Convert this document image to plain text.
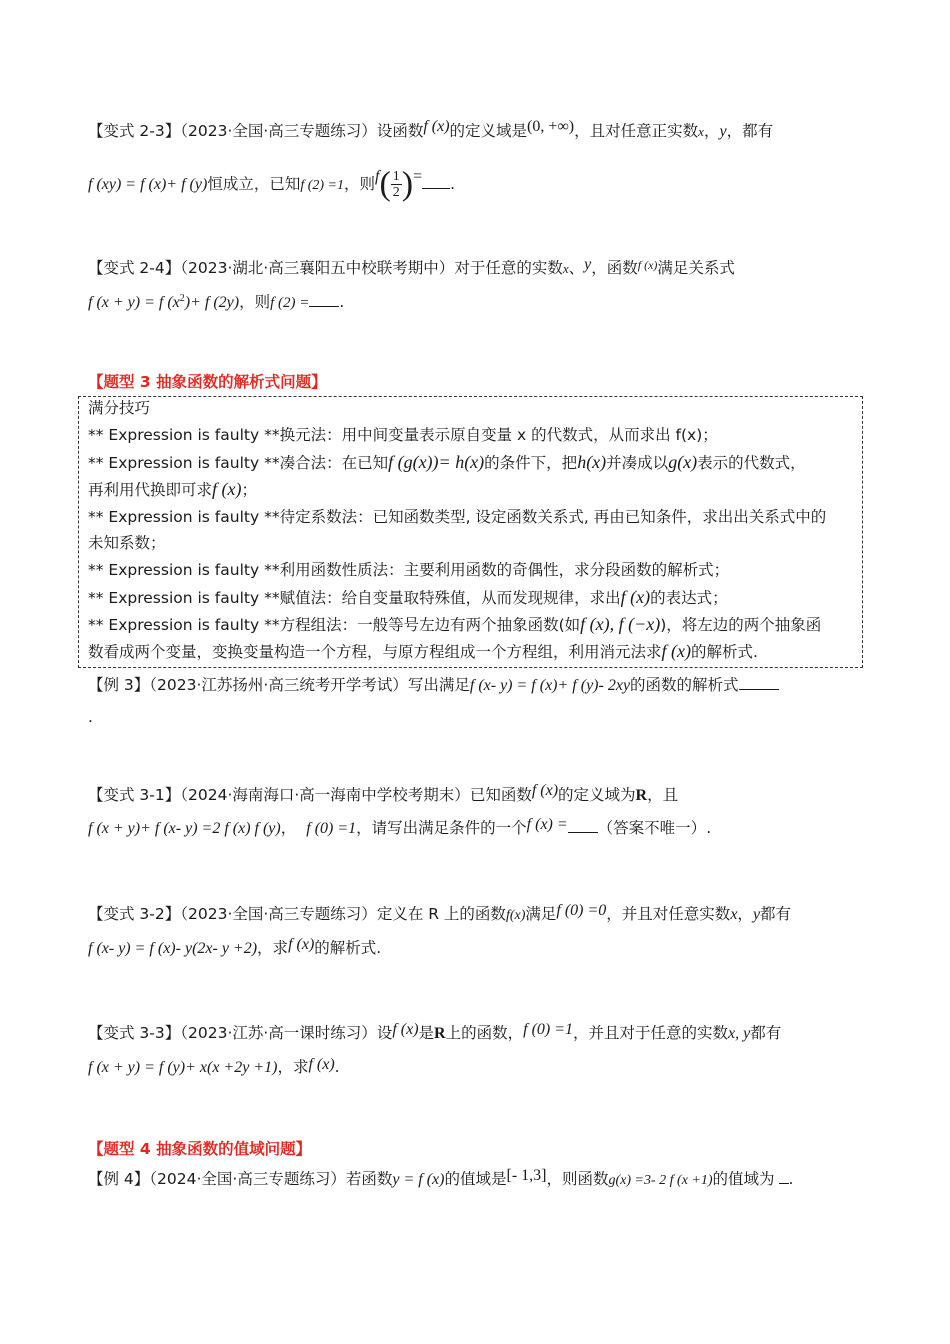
【变式 2-3】（2023·全国·高三专题练习）设函数f (x)的定义域是(0, +∞)，且对任意正实数x，y，都有
f (xy) = f (x)+ f (y)恒成立，已知f (2) =1，则$f( \frac{1}{2}$ )= .
【变式 2-4】（2023·湖北·高三襄阳五中校联考期中）对于任意的实数x、y，函数$^{f (x)}$满足关系式
f (x + y) = f $(x^2)+ f$ (2y)，则f (2) = .
【题型 3 抽象函数的解析式问题】
满分技巧
** Expression is faulty **换元法：用中间变量表示原自变量 x 的代数式，从而求出 f(x)；
** Expression is faulty **凑合法：在已知f (g(x))= h(x)的条件下，把h(x)并凑成以g(x)表示的代数式，
再利用代换即可求f (x)；
** Expression is faulty **待定系数法：已知函数类型, 设定函数关系式, 再由已知条件，求出出关系式中的
未知系数；
** Expression is faulty **利用函数性质法：主要利用函数的奇偶性，求分段函数的解析式；
** Expression is faulty **赋值法：给自变量取特殊值，从而发现规律，求出f (x)的表达式；
** Expression is faulty **方程组法：一般等号左边有两个抽象函数(如f (x), f (−x))，将左边的两个抽象函
数看成两个变量，变换变量构造一个方程，与原方程组成一个方程组，利用消元法求f (x)的解析式.
【例 3】（2023·江苏扬州·高三统考开学考试）写出满足f (x- y) = f (x)+ f (y)- 2xy的函数的解析式
.
【变式 3-1】（2024·海南海口·高一海南中学校考期末）已知函数f (x)的定义域为R，且
f (x + y)+ f (x- y) =2 f (x) f (y)， f (0) =1，请写出满足条件的一个f (x) = （答案不唯一）.
【变式 3-2】（2023·全国·高三专题练习）定义在 R 上的函数f(x)满足f (0) =0，并且对任意实数x，y都有
f (x- y) = f (x)- y(2x- y +2)，求f (x)的解析式.
【变式 3-3】（2023·江苏·高一课时练习）设f (x)是R上的函数，f (0) =1，并且对于任意的实数x, y都有
f (x + y) = f (y)+ x(x +2y +1)，求f (x).
【题型 4 抽象函数的值域问题】
【例 4】（2024·全国·高三专题练习）若函数y = f (x)的值域是[- 1,3]，则函数g(x) =3- 2 f (x +1)的值域为 .
